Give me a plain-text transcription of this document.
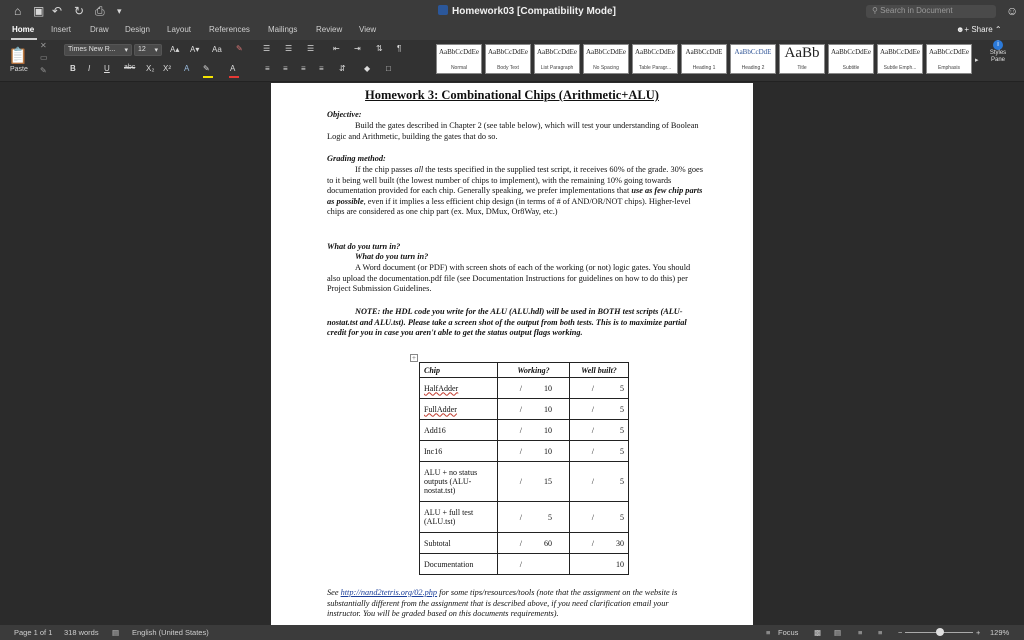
⌂ ▣ ↶ ↻ ⎙ ▾	Homework03 [Compatibility Mode]	⚲ Search in Document	☺
Home Insert Draw Design Layout References Mailings Review View	☻+ Share ⌃
📋
Paste
✕
▭
✎
Times New R... ▾	12 ▾ A▴ A▾ Aa ✎
B I U abc X₂ X² A ✎	A
☰ ☰ ☰ ⇤ ⇥ ⇅ ¶
≡ ≡ ≡ ≡ ⇵ ◆ □
AaBbCcDdEe
Normal
AaBbCcDdEe
Body Text
AaBbCcDdEe
List Paragraph
AaBbCcDdEe
No Spacing
AaBbCcDdEe
Table Paragr...
AaBbCcDdE
Heading 1
AaBbCcDdE
Heading 2
AaBb
Title
AaBbCcDdEe
Subtitle
AaBbCcDdEe
Subtle Emph...
AaBbCcDdEe
Emphasis
▸
i
Styles Pane
Homework 3: Combinational Chips (Arithmetic+ALU)
Objective:
Build the gates described in Chapter 2 (see table below), which will test your understanding of Boolean Logic and Arithmetic, building the gates that do so.
Grading method:
If the chip passes all the tests specified in the supplied test script, it receives 60% of the grade. 30% goes to it being well built (the lowest number of chips to implement), with the remaining 10% going towards documentation provided for each chip. Generally speaking, we prefer implementations that use as few chip parts as possible, even if it implies a less efficient chip design (in terms of # of AND/OR/NOT chips). Higher-level chips are considered as one chip part (ex. Mux, DMux, Or8Way, etc.)
What do you turn in?
What do you turn in?
A Word document (or PDF) with screen shots of each of the working (or not) logic gates. You should also upload the documentation.pdf file (see Documentation Instructions for guidelines on how to do this) per Project Submission Guidelines.
NOTE: the HDL code you write for the ALU (ALU.hdl) will be used in BOTH test scripts (ALU-nostat.tst and ALU.tst). Please take a screen shot of the output from both tests. This is to maximize partial credit for you in case you aren't able to get the status output flags working.
+
Chip	Working?	Well built?
HalfAdder	/ 10	/ 5
FullAdder	/ 10	/ 5
Add16	/ 10	/ 5
Inc16	/ 10	/ 5
ALU + no status outputs (ALU-nostat.tst)	/ 15	/ 5
ALU + full test (ALU.tst)	/ 5	/ 5
Subtotal	/ 60	/ 30
Documentation	/	10
See http://nand2tetris.org/02.php for some tips/resources/tools (note that the assignment on the website is substantially different from the assignment that is described above, if you need clarification email your instructor. You will be graded based on this documents requirements).
Page 1 of 1 318 words ▤ English (United States)	≡ Focus ▩ ▤ ≡ ≡ −	+ 129%
